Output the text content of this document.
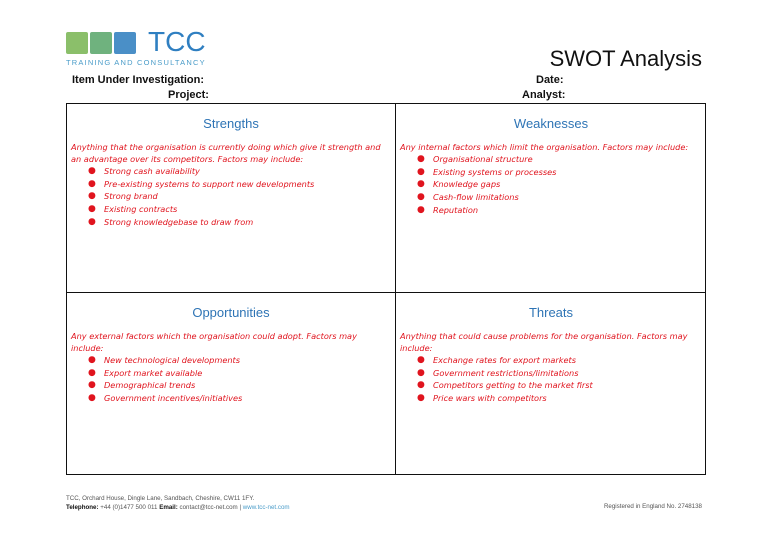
TCC
TRAINING AND CONSULTANCY	SWOT Analysis
Item Under Investigation:
Project:
Date:
Analyst:
Strengths

Anything that the organisation is currently doing which give it strength and an advantage over its competitors. Factors may include:

● Strong cash availability
● Pre-existing systems to support new developments
● Strong brand
● Existing contracts
● Strong knowledgebase to draw from
Weaknesses

Any internal factors which limit the organisation. Factors may include:

● Organisational structure
● Existing systems or processes
● Knowledge gaps
● Cash-flow limitations
● Reputation
Opportunities

Any external factors which the organisation could adopt. Factors may include:

● New technological developments
● Export market available
● Demographical trends
● Government incentives/initiatives
Threats

Anything that could cause problems for the organisation. Factors may include:

● Exchange rates for export markets
● Government restrictions/limitations
● Competitors getting to the market first
● Price wars with competitors
TCC, Orchard House, Dingle Lane, Sandbach, Cheshire, CW11 1FY.
Telephone: +44 (0)1477 500 011 Email: contact@tcc-net.com | www.tcc-net.com	Registered in England No. 2748138
